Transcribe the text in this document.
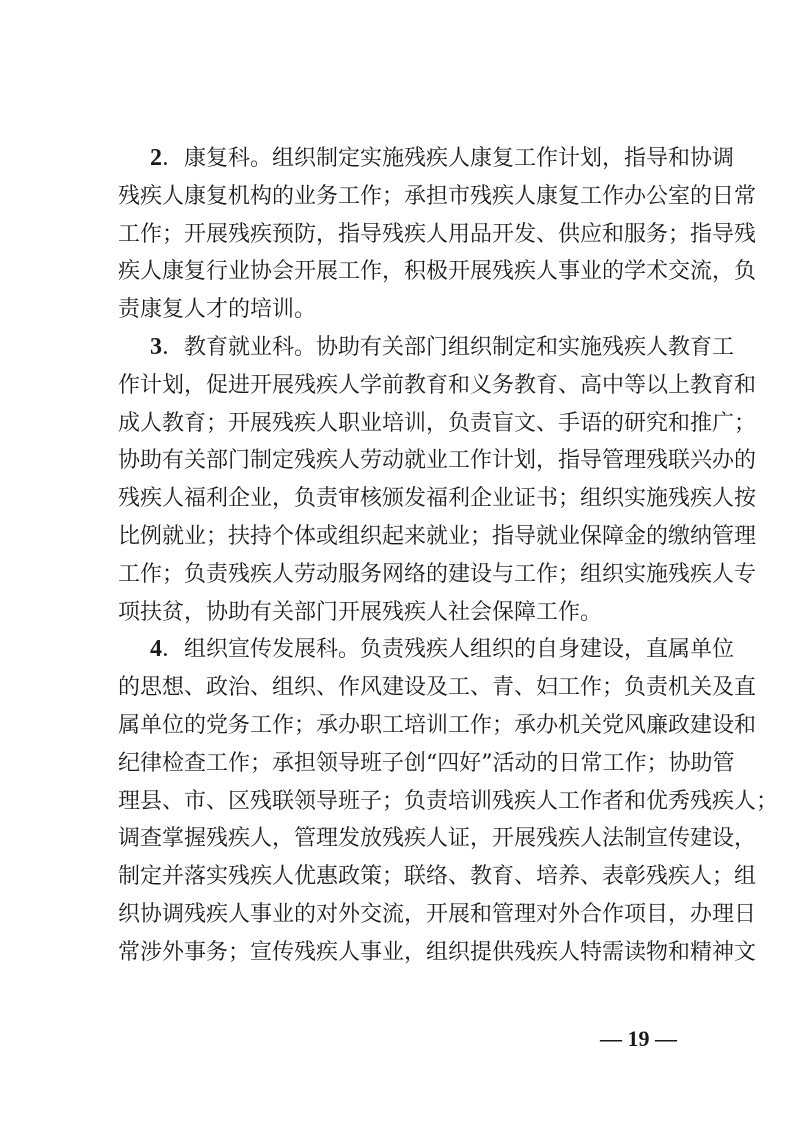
2．康复科。组织制定实施残疾人康复工作计划，指导和协调
残疾人康复机构的业务工作；承担市残疾人康复工作办公室的日常
工作；开展残疾预防，指导残疾人用品开发、供应和服务；指导残
疾人康复行业协会开展工作，积极开展残疾人事业的学术交流，负
责康复人才的培训。
3．教育就业科。协助有关部门组织制定和实施残疾人教育工
作计划，促进开展残疾人学前教育和义务教育、高中等以上教育和
成人教育；开展残疾人职业培训，负责盲文、手语的研究和推广；
协助有关部门制定残疾人劳动就业工作计划，指导管理残联兴办的
残疾人福利企业，负责审核颁发福利企业证书；组织实施残疾人按
比例就业；扶持个体或组织起来就业；指导就业保障金的缴纳管理
工作；负责残疾人劳动服务网络的建设与工作；组织实施残疾人专
项扶贫，协助有关部门开展残疾人社会保障工作。
4．组织宣传发展科。负责残疾人组织的自身建设，直属单位
的思想、政治、组织、作风建设及工、青、妇工作；负责机关及直
属单位的党务工作；承办职工培训工作；承办机关党风廉政建设和
纪律检查工作；承担领导班子创“四好”活动的日常工作；协助管
理县、市、区残联领导班子；负责培训残疾人工作者和优秀残疾人；
调查掌握残疾人，管理发放残疾人证，开展残疾人法制宣传建设，
制定并落实残疾人优惠政策；联络、教育、培养、表彰残疾人；组
织协调残疾人事业的对外交流，开展和管理对外合作项目，办理日
常涉外事务；宣传残疾人事业，组织提供残疾人特需读物和精神文
— 19 —
